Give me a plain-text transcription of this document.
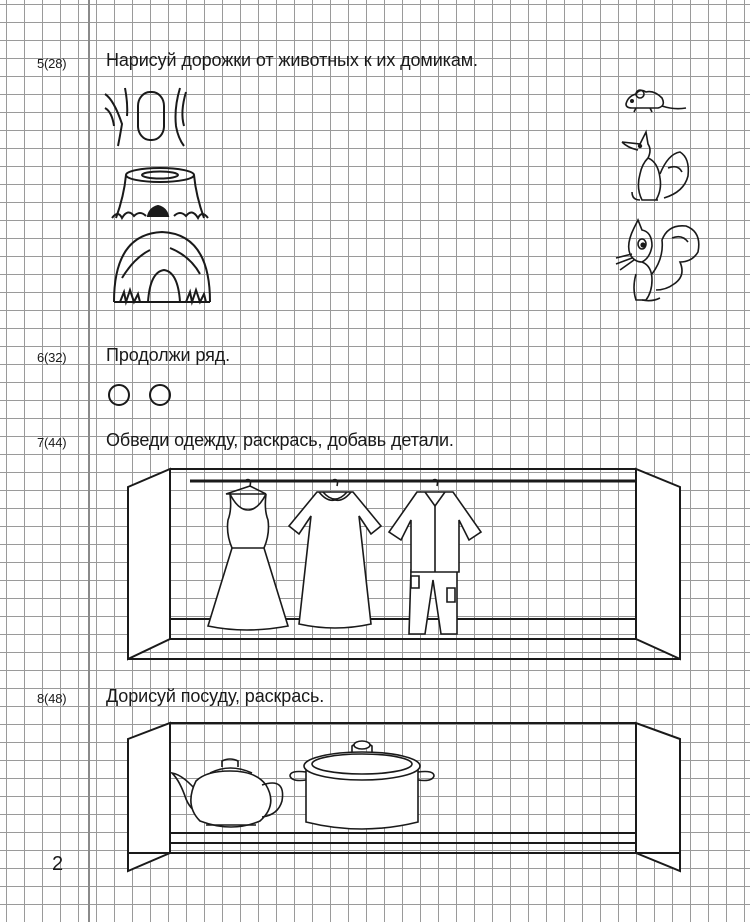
5(28) Нарисуй дорожки от животных к их домикам.
6(32) Продолжи ряд.
7(44) Обведи одежду, раскрась, добавь детали.
8(48) Дорисуй посуду, раскрась.
2
